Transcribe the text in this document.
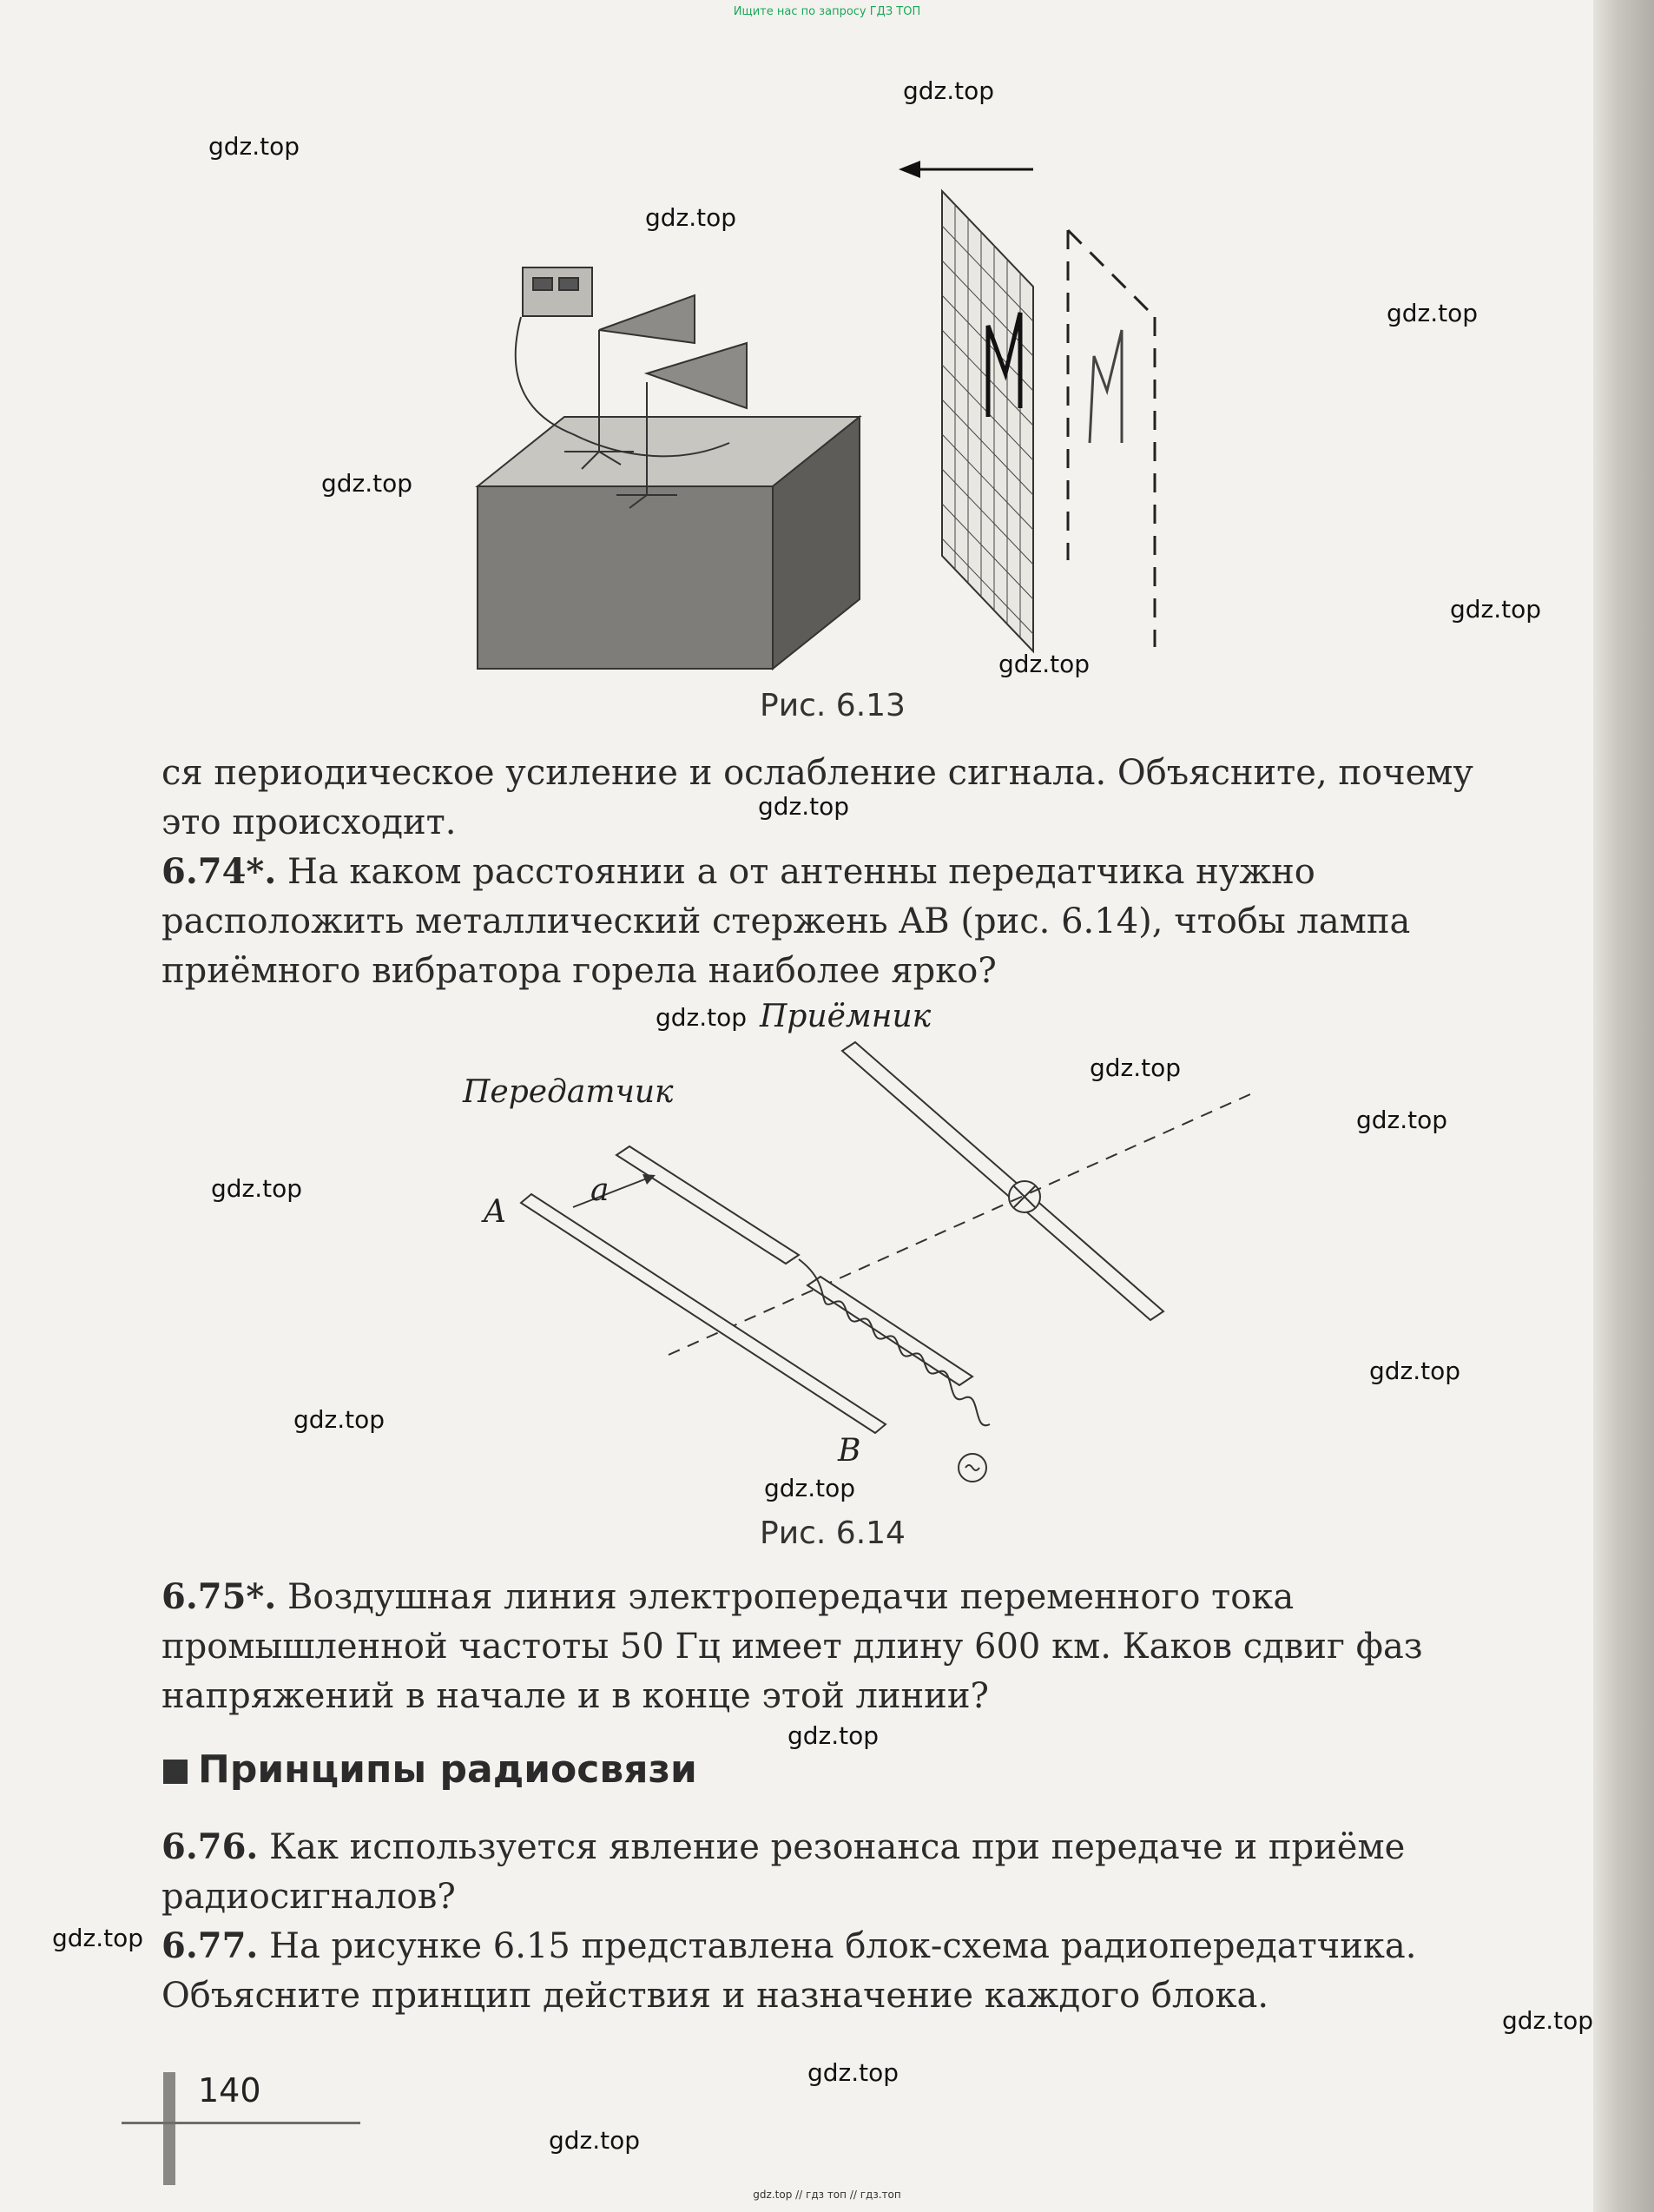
Ищите нас по запросу ГДЗ ТОП
Рис. 6.13
ся периодическое усиление и ослабление сигнала. Объясните, почему это происходит.
6.74*. На каком расстоянии a от антенны передатчика нужно расположить металлический стержень AB (рис. 6.14), чтобы лампа приёмного вибратора горела наиболее ярко?
Приёмник
Передатчик
A
a
B
Рис. 6.14
6.75*. Воздушная линия электропередачи переменного тока промышленной частоты 50 Гц имеет длину 600 км. Каков сдвиг фаз напряжений в начале и в конце этой линии?
Принципы радиосвязи
6.76. Как используется явление резонанса при передаче и приёме радиосигналов?
6.77. На рисунке 6.15 представлена блок-схема радиопередатчика. Объясните принцип действия и назначение каждого блока.
140
gdz.top
gdz.top
gdz.top
gdz.top
gdz.top
gdz.top
gdz.top
gdz.top
gdz.top
gdz.top
gdz.top
gdz.top
gdz.top
gdz.top
gdz.top
gdz.top
gdz.top
gdz.top
gdz.top
gdz.top
gdz.top // гдз топ // гдз.топ
